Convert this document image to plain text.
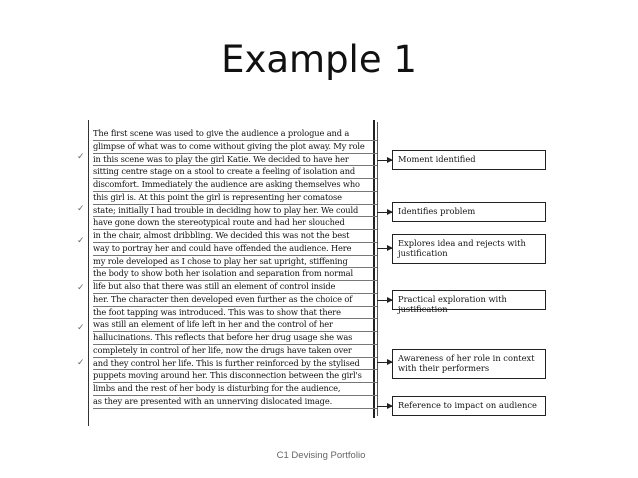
Example 1
✓
✓
✓
✓
✓
✓
The first scene was used to give the audience a prologue and a
glimpse of what was to come without giving the plot away. My role
in this scene was to play the girl Katie. We decided to have her
sitting centre stage on a stool to create a feeling of isolation and
discomfort. Immediately the audience are asking themselves who
this girl is. At this point the girl is representing her comatose
state; initially I had trouble in deciding how to play her. We could
have gone down the stereotypical route and had her slouched
in the chair, almost dribbling. We decided this was not the best
way to portray her and could have offended the audience. Here
my role developed as I chose to play her sat upright, stiffening
the body to show both her isolation and separation from normal
life but also that there was still an element of control inside
her. The character then developed even further as the choice of
the foot tapping was introduced. This was to show that there
was still an element of life left in her and the control of her
hallucinations. This reflects that before her drug usage she was
completely in control of her life, now the drugs have taken over
and they control her life. This is further reinforced by the stylised
puppets moving around her. This disconnection between the girl's
limbs and the rest of her body is disturbing for the audience,
as they are presented with an unnerving dislocated image.
Moment identified
Identifies problem
Explores idea and rejects with justification
Practical exploration with justification
Awareness of her role in context with their performers
Reference to impact on audience
C1 Devising Portfolio
